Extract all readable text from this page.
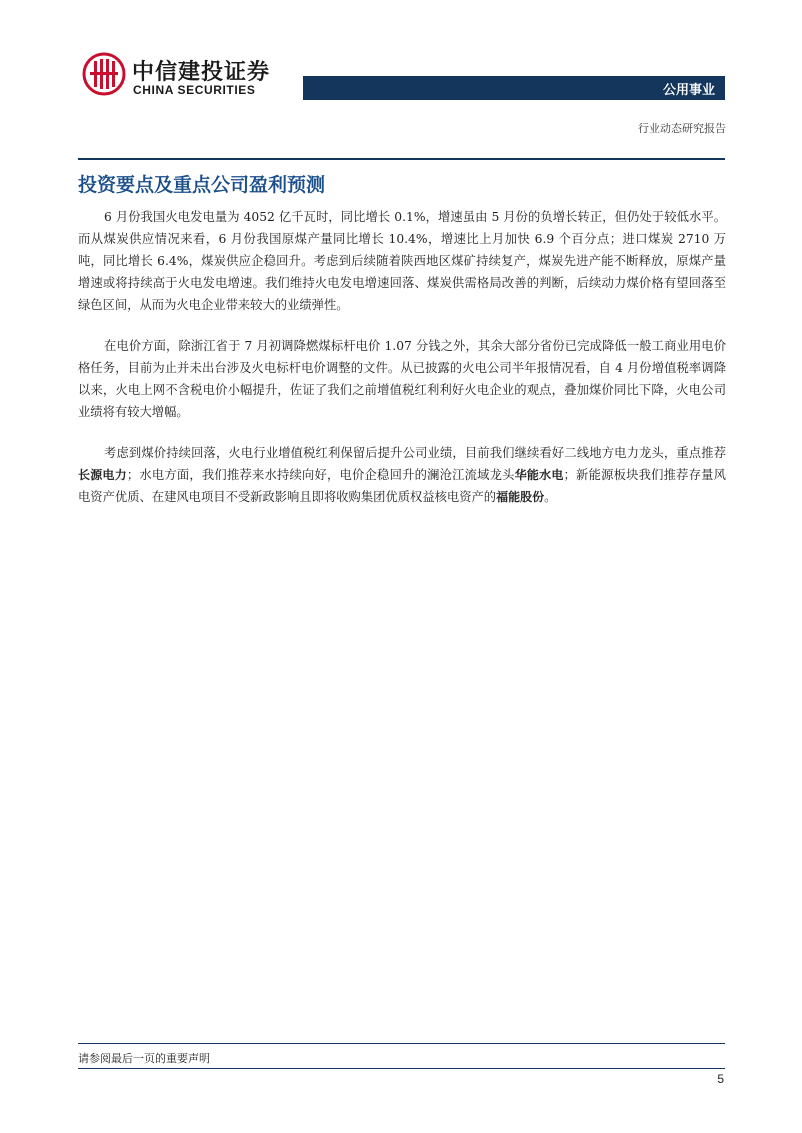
中信建投证券
CHINA SECURITIES	公用事业
行业动态研究报告
投资要点及重点公司盈利预测

6 月份我国火电发电量为 4052 亿千瓦时，同比增长 0.1%，增速虽由 5 月份的负增长转正，但仍处于较低水平。而从煤炭供应情况来看，6 月份我国原煤产量同比增长 10.4%，增速比上月加快 6.9 个百分点；进口煤炭 2710 万吨，同比增长 6.4%，煤炭供应企稳回升。考虑到后续随着陕西地区煤矿持续复产，煤炭先进产能不断释放，原煤产量增速或将持续高于火电发电增速。我们维持火电发电增速回落、煤炭供需格局改善的判断，后续动力煤价格有望回落至绿色区间，从而为火电企业带来较大的业绩弹性。

在电价方面，除浙江省于 7 月初调降燃煤标杆电价 1.07 分钱之外，其余大部分省份已完成降低一般工商业用电价格任务，目前为止并未出台涉及火电标杆电价调整的文件。从已披露的火电公司半年报情况看，自 4 月份增值税率调降以来，火电上网不含税电价小幅提升，佐证了我们之前增值税红利利好火电企业的观点，叠加煤价同比下降，火电公司业绩将有较大增幅。

考虑到煤价持续回落，火电行业增值税红利保留后提升公司业绩，目前我们继续看好二线地方电力龙头，重点推荐长源电力；水电方面，我们推荐来水持续向好，电价企稳回升的澜沧江流域龙头华能水电；新能源板块我们推荐存量风电资产优质、在建风电项目不受新政影响且即将收购集团优质权益核电资产的福能股份。

请参阅最后一页的重要声明
5
